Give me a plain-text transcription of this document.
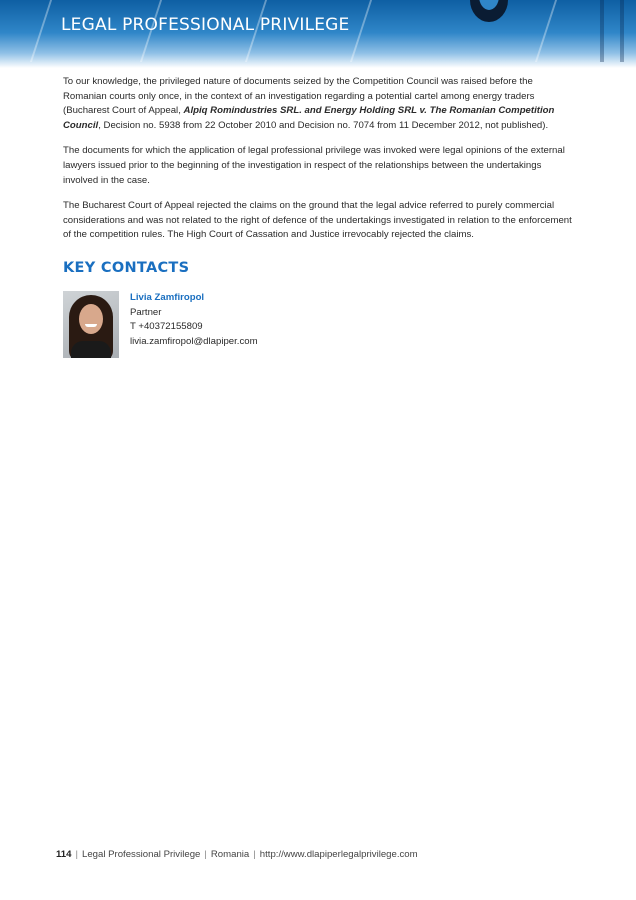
LEGAL PROFESSIONAL PRIVILEGE

To our knowledge, the privileged nature of documents seized by the Competition Council was raised before the Romanian courts only once, in the context of an investigation regarding a potential cartel among energy traders (Bucharest Court of Appeal, Alpiq Romindustries SRL. and Energy Holding SRL v. The Romanian Competition Council, Decision no. 5938 from 22 October 2010 and Decision no. 7074 from 11 December 2012, not published).

The documents for which the application of legal professional privilege was invoked were legal opinions of the external lawyers issued prior to the beginning of the investigation in respect of the relationships between the undertakings involved in the case.

The Bucharest Court of Appeal rejected the claims on the ground that the legal advice referred to purely commercial considerations and was not related to the right of defence of the undertakings investigated in relation to the enforcement of the competition rules. The High Court of Cassation and Justice irrevocably rejected the claims.

KEY CONTACTS
Livia Zamfiropol
Partner
T +40372155809
livia.zamfiropol@dlapiper.com
114 | Legal Professional Privilege | Romania | http://www.dlapiperlegalprivilege.com
